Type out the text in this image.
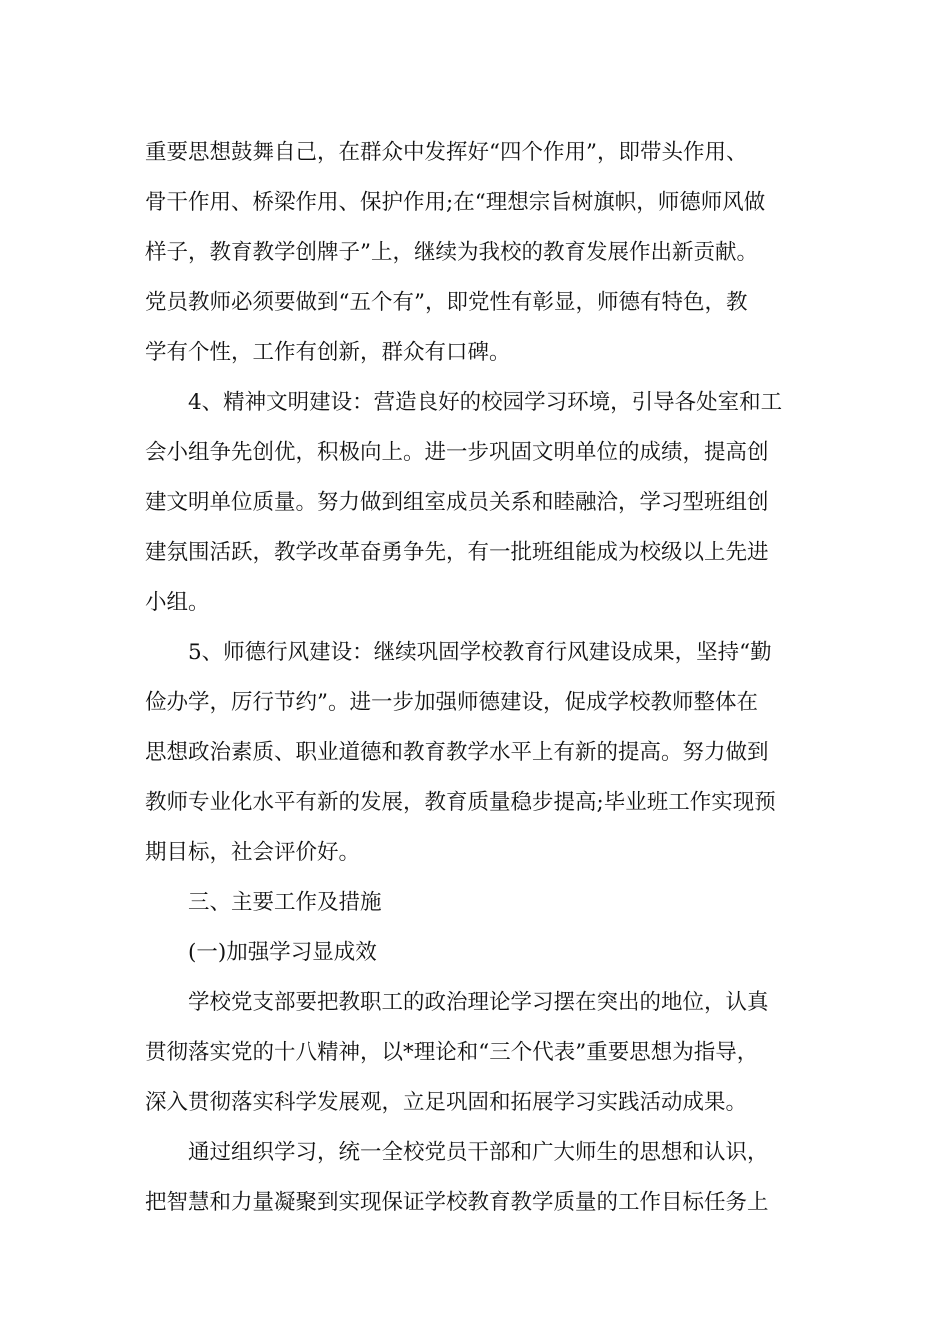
重要思想鼓舞自己，在群众中发挥好“四个作用”，即带头作用、
骨干作用、桥梁作用、保护作用;在“理想宗旨树旗帜，师德师风做
样子，教育教学创牌子”上，继续为我校的教育发展作出新贡献。
党员教师必须要做到“五个有”，即党性有彰显，师德有特色，教
学有个性，工作有创新，群众有口碑。

4、精神文明建设：营造良好的校园学习环境，引导各处室和工
会小组争先创优，积极向上。进一步巩固文明单位的成绩，提高创
建文明单位质量。努力做到组室成员关系和睦融洽，学习型班组创
建氛围活跃，教学改革奋勇争先，有一批班组能成为校级以上先进
小组。

5、师德行风建设：继续巩固学校教育行风建设成果，坚持“勤
俭办学，厉行节约”。进一步加强师德建设，促成学校教师整体在
思想政治素质、职业道德和教育教学水平上有新的提高。努力做到
教师专业化水平有新的发展，教育质量稳步提高;毕业班工作实现预
期目标，社会评价好。

三、主要工作及措施

(一)加强学习显成效

学校党支部要把教职工的政治理论学习摆在突出的地位，认真
贯彻落实党的十八精神，以*理论和“三个代表”重要思想为指导，
深入贯彻落实科学发展观，立足巩固和拓展学习实践活动成果。

通过组织学习，统一全校党员干部和广大师生的思想和认识，
把智慧和力量凝聚到实现保证学校教育教学质量的工作目标任务上
